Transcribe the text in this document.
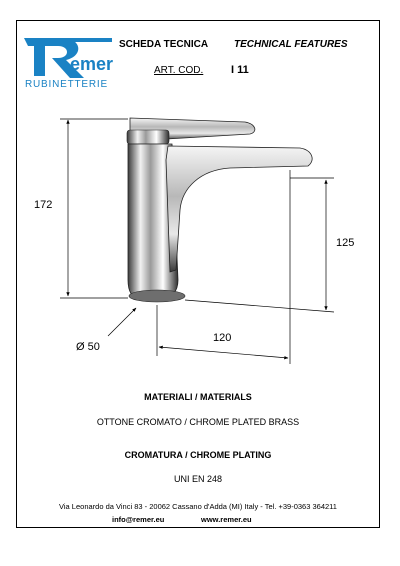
emer
RUBINETTERIE
SCHEDA TECNICA	TECHNICAL FEATURES
ART. COD.	I 11
172
125
120
Ø 50
MATERIALI / MATERIALS
OTTONE CROMATO / CHROME PLATED BRASS
CROMATURA / CHROME PLATING
UNI EN 248
Via Leonardo da Vinci 83 - 20062 Cassano d'Adda (MI) Italy - Tel. +39-0363 364211
info@remer.eu	www.remer.eu
